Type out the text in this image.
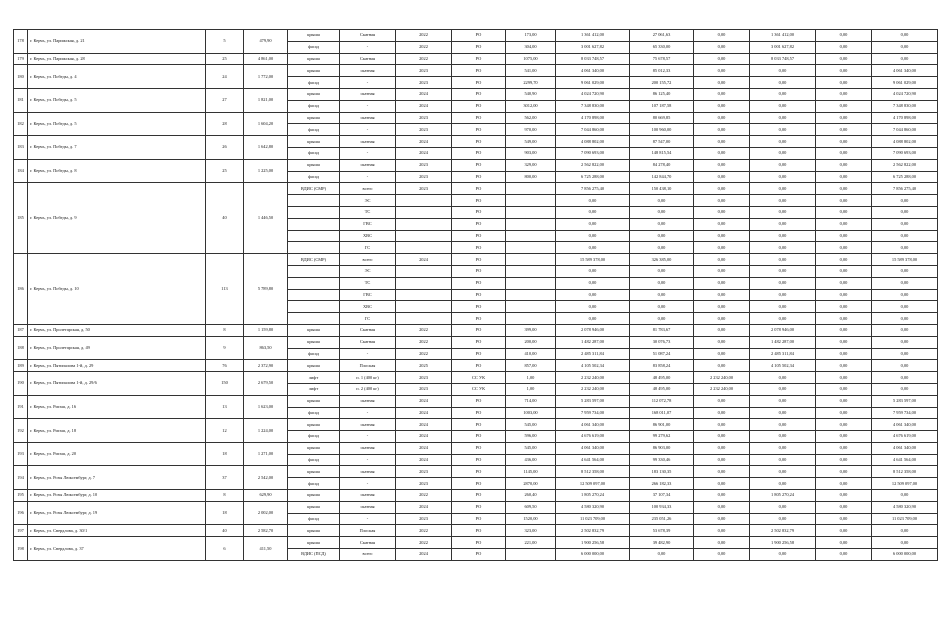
178	г. Керчь, ул. Парижская, д. 21	5	479,90	крыша	Скатная	2022	РО	173,00	1 361 412,00	27 061,63	0,00	1 361 412,00	0,00	0,00
				фасад	-	2022	РО	304,00	3 001 627,82	65 330,00	0,00	3 001 627,82	0,00	0,00
179	г. Керчь, ул. Парижская, д. 28	25	4 861,00	крыша	Скатная	2022	РО	1075,00	8 033 748,57	75 678,57	0,00	8 033 748,57	0,00	0,00
180	г. Керчь, ул. Победы, д. 4	24	1 772,00	крыша	скатная	2023	РО	541,00	4 061 340,00	85 012,33	0,00	0,00	0,00	4 061 340,00
				фасад	-	2023	РО	2299,70	9 061 029,00	200 155,72	0,00	0,00	0,00	9 061 029,00
181	г. Керчь, ул. Победы, д. 5	27	1 821,00	крыша	скатная	2024	РО	540,90	4 024 720,90	86 125,40	0,00	0,00	0,00	4 024 720,90
				фасад	-	2024	РО	3012,00	7 348 830,00	107 187,58	0,00	0,00	0,00	7 348 830,00
182	г. Керчь, ул. Победы, д. 5	28	1 604,20	крыша	скатная	2023	РО	562,00	4 170 898,00	80 669,85	0,00	0,00	0,00	4 170 898,00
				фасад	-	2023	РО	970,00	7 044 860,00	100 960,00	0,00	0,00	0,00	7 044 860,00
183	г. Керчь, ул. Победы, д. 7	26	1 642,80	крыша	скатная	2024	РО	549,00	4 088 802,00	87 547,00	0,00	0,00	0,00	4 088 802,00
				фасад	-	2024	РО	903,00	7 090 693,00	148 815,54	0,00	0,00	0,00	7 090 693,00
184	г. Керчь, ул. Победы, д. 8	25	1 225,00	крыша	скатная	2023	РО	329,00	2 562 822,00	84 278,40	0,00	0,00	0,00	2 562 822,00
				фасад	-	2023	РО	800,00	6 725 288,00	142 844,70	0,00	0,00	0,00	6 725 288,00
185	г. Керчь, ул. Победы, д. 9	40	1 446,50	ВДИС (СМР)	всего	2023	РО		7 856 275,40	150 438,10	0,00	0,00	0,00	7 856 275,40
					ЭС		РО		0,00	0,00	0,00	0,00	0,00	0,00
					ТС		РО		0,00	0,00	0,00	0,00	0,00	0,00
					ГВС		РО		0,00	0,00	0,00	0,00	0,00	0,00
					ХВС		РО		0,00	0,00	0,00	0,00	0,00	0,00
					ГС		РО		0,00	0,00	0,00	0,00	0,00	0,00
186	г. Керчь, ул. Победы, д. 10	113	5 789,80	ВДИС (СМР)	всего	2024	РО		15 589 378,00	326 385,00	0,00	0,00	0,00	15 589 378,00
					ЭС		РО		0,00	0,00	0,00	0,00	0,00	0,00
					ТС		РО		0,00	0,00	0,00	0,00	0,00	0,00
					ГВС		РО		0,00	0,00	0,00	0,00	0,00	0,00
					ХВС		РО		0,00	0,00	0,00	0,00	0,00	0,00
					ГС		РО		0,00	0,00	0,00	0,00	0,00	0,00
187	г. Керчь, ул. Пролетарская, д. 50	8	1 159,80	крыша	Скатная	2022	РО	399,00	2 078 946,00	81 783,67	0,00	2 078 946,00	0,00	0,00
188	г. Керчь, ул. Пролетарская, д. 49	9	863,50	крыша	Скатная	2022	РО	200,00	1 482 287,00	30 076,73	0,00	1 482 287,00	0,00	0,00
				фасад	-	2022	РО	410,00	2 485 311,84	51 087,24	0,00	2 485 311,84	0,00	0,00
189	г. Керчь, ул. Пятипалова 1-й, д. 29	76	2 372,90	крыша	Плоская	2025	РО	857,00	4 105 502,34	83 858,24	0,00	4 105 502,34	0,00	0,00
190	г. Керчь, ул. Пятипалова 1-й, д. 29/6	150	2 679,50	лифт	п. 1 (400 кг)	2023	СС УК	1,00	2 232 240,00	48 495,00	2 232 240,00	0,00	0,00	0,00
				лифт	п. 2 (400 кг)	2023	СС УК	1,00	2 232 240,00	48 495,00	2 232 240,00	0,00	0,00	0,00
191	г. Керчь, ул. Ригаш, д. 16	13	1 623,00	крыша	скатная	2024	РО	714,00	5 283 597,00	112 072,78	0,00	0,00	0,00	5 283 597,00
				фасад	-	2024	РО	1003,00	7 959 734,00	168 011,07	0,00	0,00	0,00	7 959 734,00
192	г. Керчь, ул. Ригаш, д. 18	12	1 224,00	крыша	скатная	2024	РО	545,00	4 061 340,00	86 901,00	0,00	0,00	0,00	4 061 340,00
				фасад	-	2024	РО	596,00	4 676 619,00	99 279,62	0,00	0,00	0,00	4 676 619,00
193	г. Керчь, ул. Ригаш, д. 20	18	1 271,00	крыша	скатная	2024	РО	545,00	4 061 340,00	86 903,00	0,00	0,00	0,00	4 061 340,00
				фасад	-	2024	РО	436,00	4 641 564,00	99 330,46	0,00	0,00	0,00	4 641 564,00
194	г. Керчь, ул. Розы Люксембург, д. 7	37	2 542,00	крыша	скатная	2023	РО	1145,00	8 512 358,00	183 130,35	0,00	0,00	0,00	8 512 358,00
				фасад	-	2023	РО	2870,00	12 509 097,00	266 182,33	0,00	0,00	0,00	12 509 097,00
195	г. Керчь, ул. Розы Люксембург, д. 10	8	629,90	крыша	скатная	2022	РО	260,40	1 805 270,24	37 107,34	0,00	1 805 270,24	0,00	0,00
196	г. Керчь, ул. Розы Люксембург, д. 19	18	2 002,00	крыша	скатная	2024	РО	609,50	4 580 320,90	100 934,33	0,00	0,00	0,00	4 580 320,90
				фасад	-	2023	РО	1520,00	11 023 709,00	235 051,26	0,00	0,00	0,00	11 023 709,00
197	г. Керчь, ул. Свердлова, д. 30/1	40	2 582,70	крыша	Плоская	2022	РО	323,00	2 502 832,79	53 678,39	0,00	2 502 832,79	0,00	0,00
198	г. Керчь, ул. Свердлова, д. 37	6	411,50	крыша	Скатная	2022	РО	221,00	1 900 256,58	39 482,90	0,00	1 900 256,58	0,00	0,00
				ВДИС (ПСД)	всего	2024	РО		6 000 000,00	0,00	0,00	0,00	0,00	6 000 000,00
